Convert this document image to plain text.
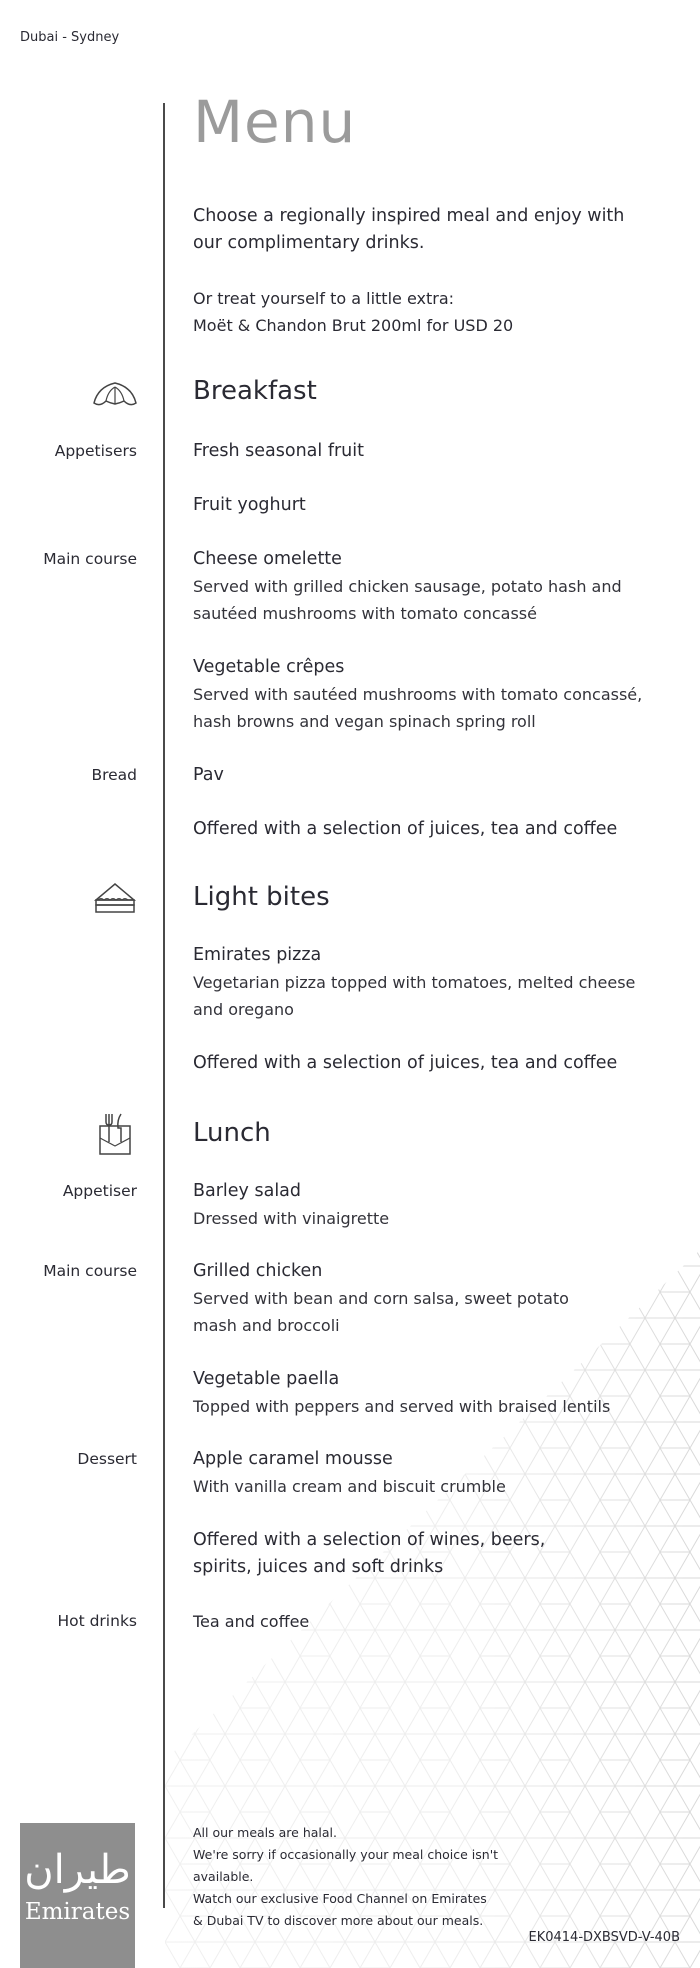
Dubai - Sydney
Menu
Choose a regionally inspired meal and enjoy with our complimentary drinks.
Or treat yourself to a little extra:
Moët & Chandon Brut 200ml for USD 20
Breakfast
Appetisers	Fresh seasonal fruit
Fruit yoghurt
Main course	Cheese omelette
Served with grilled chicken sausage, potato hash and sautéed mushrooms with tomato concassé
Vegetable crêpes
Served with sautéed mushrooms with tomato concassé, hash browns and vegan spinach spring roll
Bread	Pav
Offered with a selection of juices, tea and coffee
Light bites
Emirates pizza
Vegetarian pizza topped with tomatoes, melted cheese and oregano
Offered with a selection of juices, tea and coffee
Lunch
Appetiser	Barley salad
Dressed with vinaigrette
Main course	Grilled chicken
Served with bean and corn salsa, sweet potato mash and broccoli
Vegetable paella
Topped with peppers and served with braised lentils
Dessert	Apple caramel mousse
With vanilla cream and biscuit crumble
Offered with a selection of wines, beers, spirits, juices and soft drinks
Hot drinks	Tea and coffee
ﻃﻴﺮان
Emirates
All our meals are halal.
We're sorry if occasionally your meal choice isn't available.
Watch our exclusive Food Channel on Emirates
& Dubai TV to discover more about our meals.
EK0414-DXBSVD-V-40B
